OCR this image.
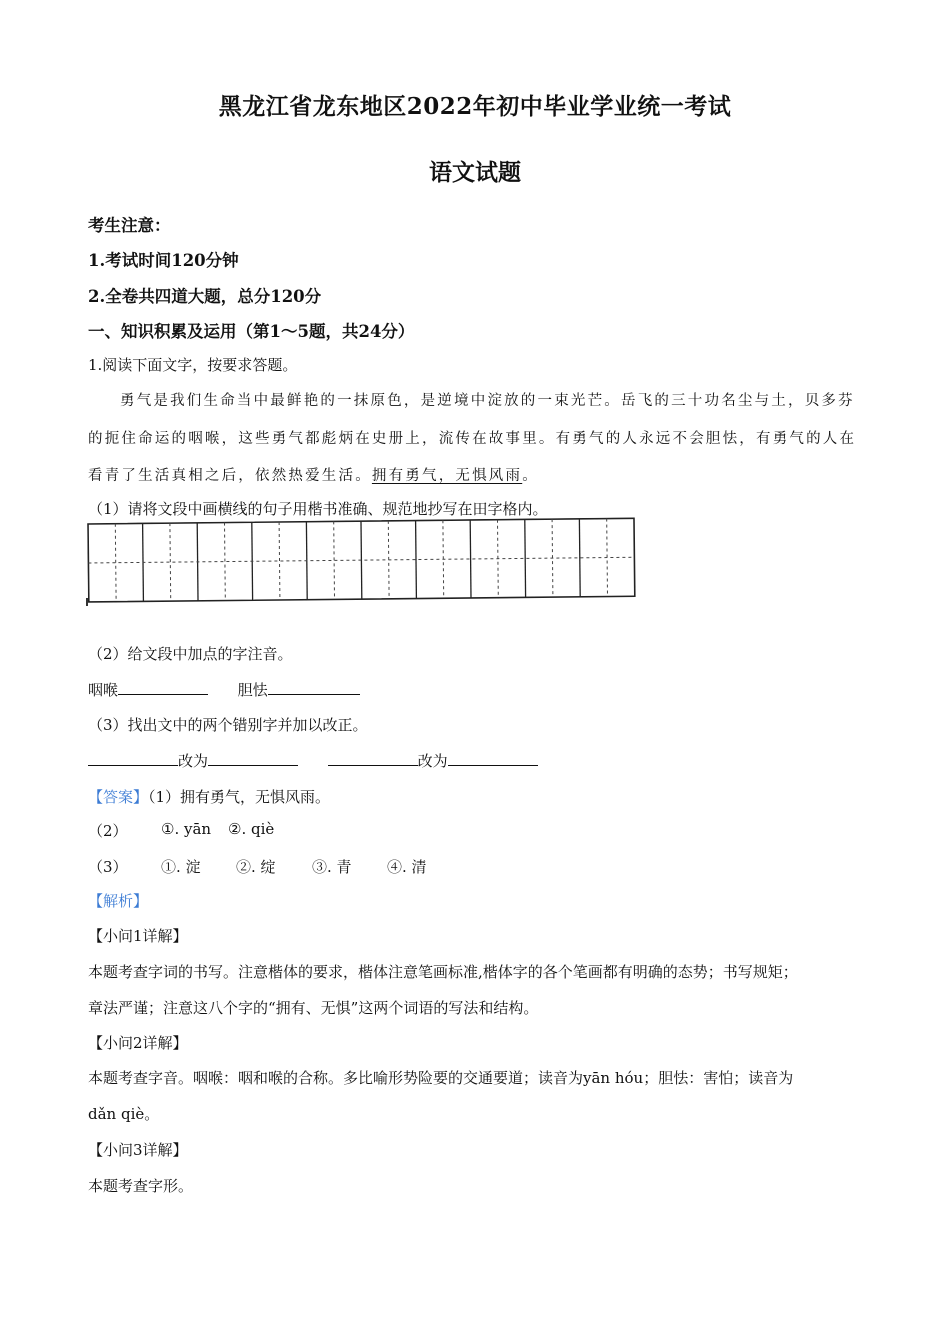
黑龙江省龙东地区2022年初中毕业学业统一考试
语文试题
考生注意：
1.考试时间120分钟
2.全卷共四道大题，总分120分
一、知识积累及运用（第1～5题，共24分）
1.阅读下面文字，按要求答题。
勇气是我们生命当中最鲜艳的一抹原色，是逆境中淀放的一束光芒。岳飞的三十功名尘与土，贝多芬
的扼住命运的咽喉，这些勇气都彪炳在史册上，流传在故事里。有勇气的人永远不会胆怯，有勇气的人在
看青了生活真相之后，依然热爱生活。拥有勇气，无惧风雨。
（1）请将文段中画横线的句子用楷书准确、规范地抄写在田字格内。
（2）给文段中加点的字注音。
咽喉	胆怯
（3）找出文中的两个错别字并加以改正。
改为	改为
【答案】（1）拥有勇气，无惧风雨。
（2） ①. yān ②. qiè
（3） ①. 淀 ②. 绽 ③. 青 ④. 清
【解析】
【小问1详解】
本题考查字词的书写。注意楷体的要求，楷体注意笔画标准,楷体字的各个笔画都有明确的态势；书写规矩；
章法严谨；注意这八个字的“拥有、无惧”这两个词语的写法和结构。
【小问2详解】
本题考查字音。咽喉：咽和喉的合称。多比喻形势险要的交通要道；读音为yān hóu；胆怯：害怕；读音为
dǎn qiè。
【小问3详解】
本题考查字形。
